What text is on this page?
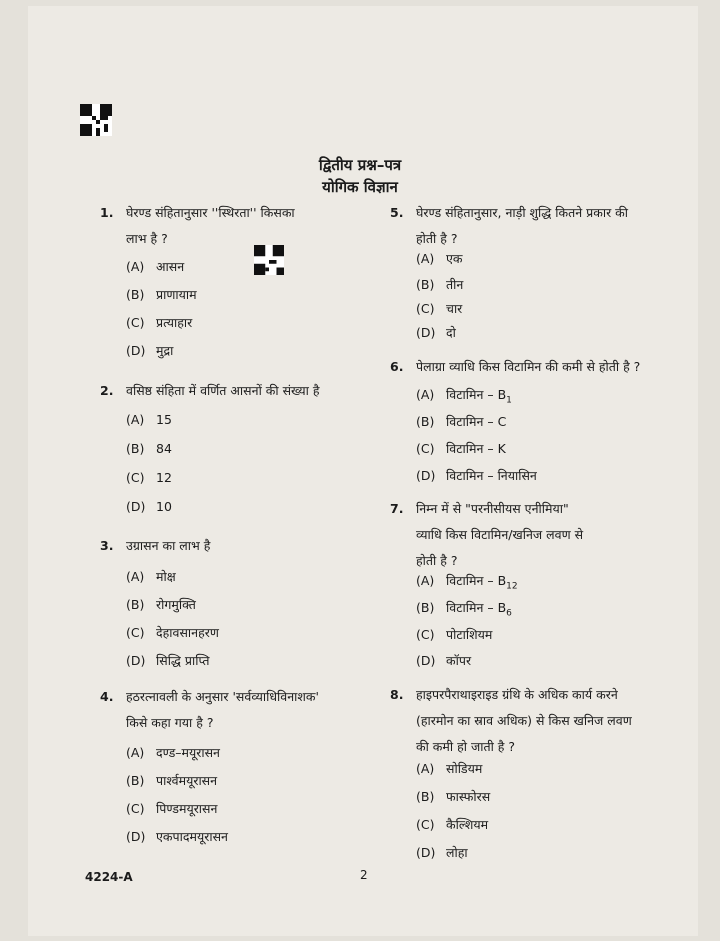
द्वितीय प्रश्न–पत्र
योगिक विज्ञान
1. घेरण्ड संहितानुसार ''स्थिरता'' किसका
लाभ है ?
(A) आसन
(B) प्राणायाम
(C) प्रत्याहार
(D) मुद्रा
2. वसिष्ठ संहिता में वर्णित आसनों की संख्या है
(A) 15
(B) 84
(C) 12
(D) 10
3. उग्रासन का लाभ है
(A) मोक्ष
(B) रोगमुक्ति
(C) देहावसानहरण
(D) सिद्धि प्राप्ति
4. हठरत्नावली के अनुसार 'सर्वव्याधिविनाशक'
किसे कहा गया है ?
(A) दण्ड–मयूरासन
(B) पार्श्वमयूरासन
(C) पिण्डमयूरासन
(D) एकपादमयूरासन
5. घेरण्ड संहितानुसार, नाड़ी शुद्धि कितने प्रकार की
होती है ?
(A) एक
(B) तीन
(C) चार
(D) दो
6. पेलाग्रा व्याधि किस विटामिन की कमी से होती है ?
(A) विटामिन – $B_1$
(B) विटामिन – C
(C) विटामिन – K
(D) विटामिन – नियासिन
7. निम्न में से "परनीसीयस एनीमिया"
व्याधि किस विटामिन/खनिज लवण से
होती है ?
(A) विटामिन – $B_{12}$
(B) विटामिन – $B_6$
(C) पोटाशियम
(D) कॉपर
8. हाइपरपैराथाइराइड ग्रंथि के अधिक कार्य करने
(हारमोन का स्राव अधिक) से किस खनिज लवण
की कमी हो जाती है ?
(A) सोडियम
(B) फास्फोरस
(C) कैल्शियम
(D) लोहा
4224-A	2
